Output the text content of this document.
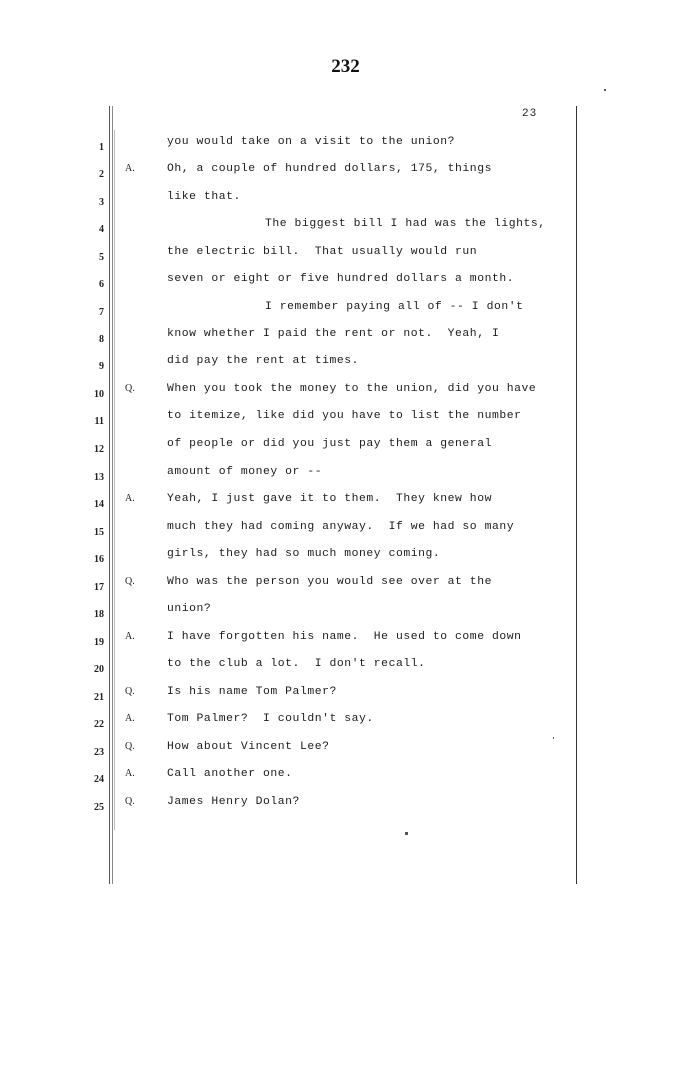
232
23
1	you would take on a visit to the union?
2
A.	Oh, a couple of hundred dollars, 175, things
3	like that.
4	The biggest bill I had was the lights,
5	the electric bill.  That usually would run
6	seven or eight or five hundred dollars a month.
7	I remember paying all of -- I don't
8	know whether I paid the rent or not.  Yeah, I
9	did pay the rent at times.
10
Q.	When you took the money to the union, did you have
11	to itemize, like did you have to list the number
12	of people or did you just pay them a general
13	amount of money or --
14
A.	Yeah, I just gave it to them.  They knew how
15	much they had coming anyway.  If we had so many
16	girls, they had so much money coming.
17
Q.	Who was the person you would see over at the
18	union?
19
A.	I have forgotten his name.  He used to come down
20	to the club a lot.  I don't recall.
21
Q.	Is his name Tom Palmer?
22
A.	Tom Palmer?  I couldn't say.
23
Q.	How about Vincent Lee?
24
A.	Call another one.
25
Q.	James Henry Dolan?
